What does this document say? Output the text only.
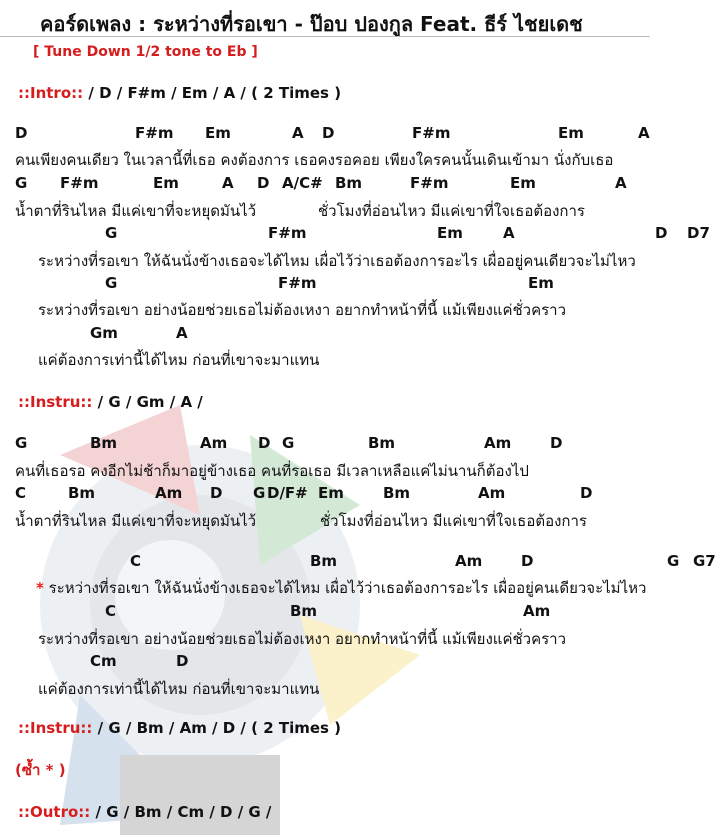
คอร์ดเพลง : ระหว่างที่รอเขา - ป๊อบ ปองกูล Feat. ธีร์ ไชยเดช
[ Tune Down 1/2 tone to Eb ]
::Intro:: / D / F#m / Em / A / ( 2 Times )
D	F#m Em	A D	F#m	Em	A
คนเพียงคนเดียว ในเวลานี้ที่เธอ คงต้องการ เธอคงรอคอย เพียงใครคนนั้นเดินเข้ามา นั่งกับเธอ
G F#m	Em	A D A/C# Bm	F#m	Em	A
น้ำตาที่รินไหล มีแค่เขาที่จะหยุดมันไว้	ชั่วโมงที่อ่อนไหว มีแค่เขาที่ใจเธอต้องการ
G	F#m	Em	A	D D7
ระหว่างที่รอเขา ให้ฉันนั่งข้างเธอจะได้ไหม เผื่อไว้ว่าเธอต้องการอะไร เผื่ออยู่คนเดียวจะไม่ไหว
G	F#m	Em
ระหว่างที่รอเขา อย่างน้อยช่วยเธอไม่ต้องเหงา อยากทำหน้าที่นี้ แม้เพียงแค่ชั่วคราว
Gm	A
แค่ต้องการเท่านี้ได้ไหม ก่อนที่เขาจะมาแทน
::Instru:: / G / Gm / A /
G	Bm	Am D G	Bm	Am	D
คนที่เธอรอ คงอีกไม่ช้าก็มาอยู่ข้างเธอ คนที่รอเธอ มีเวลาเหลือแค่ไม่นานก็ต้องไป
C	Bm	Am D G D/F# Em	Bm	Am	D
น้ำตาที่รินไหล มีแค่เขาที่จะหยุดมันไว้	ชั่วโมงที่อ่อนไหว มีแค่เขาที่ใจเธอต้องการ
C	Bm	Am	D	G G7
* ระหว่างที่รอเขา ให้ฉันนั่งข้างเธอจะได้ไหม เผื่อไว้ว่าเธอต้องการอะไร เผื่ออยู่คนเดียวจะไม่ไหว
C	Bm	Am
ระหว่างที่รอเขา อย่างน้อยช่วยเธอไม่ต้องเหงา อยากทำหน้าที่นี้ แม้เพียงแค่ชั่วคราว
Cm	D
แค่ต้องการเท่านี้ได้ไหม ก่อนที่เขาจะมาแทน
::Instru:: / G / Bm / Am / D / ( 2 Times )
(ซ้ำ * )
::Outro:: / G / Bm / Cm / D / G /
